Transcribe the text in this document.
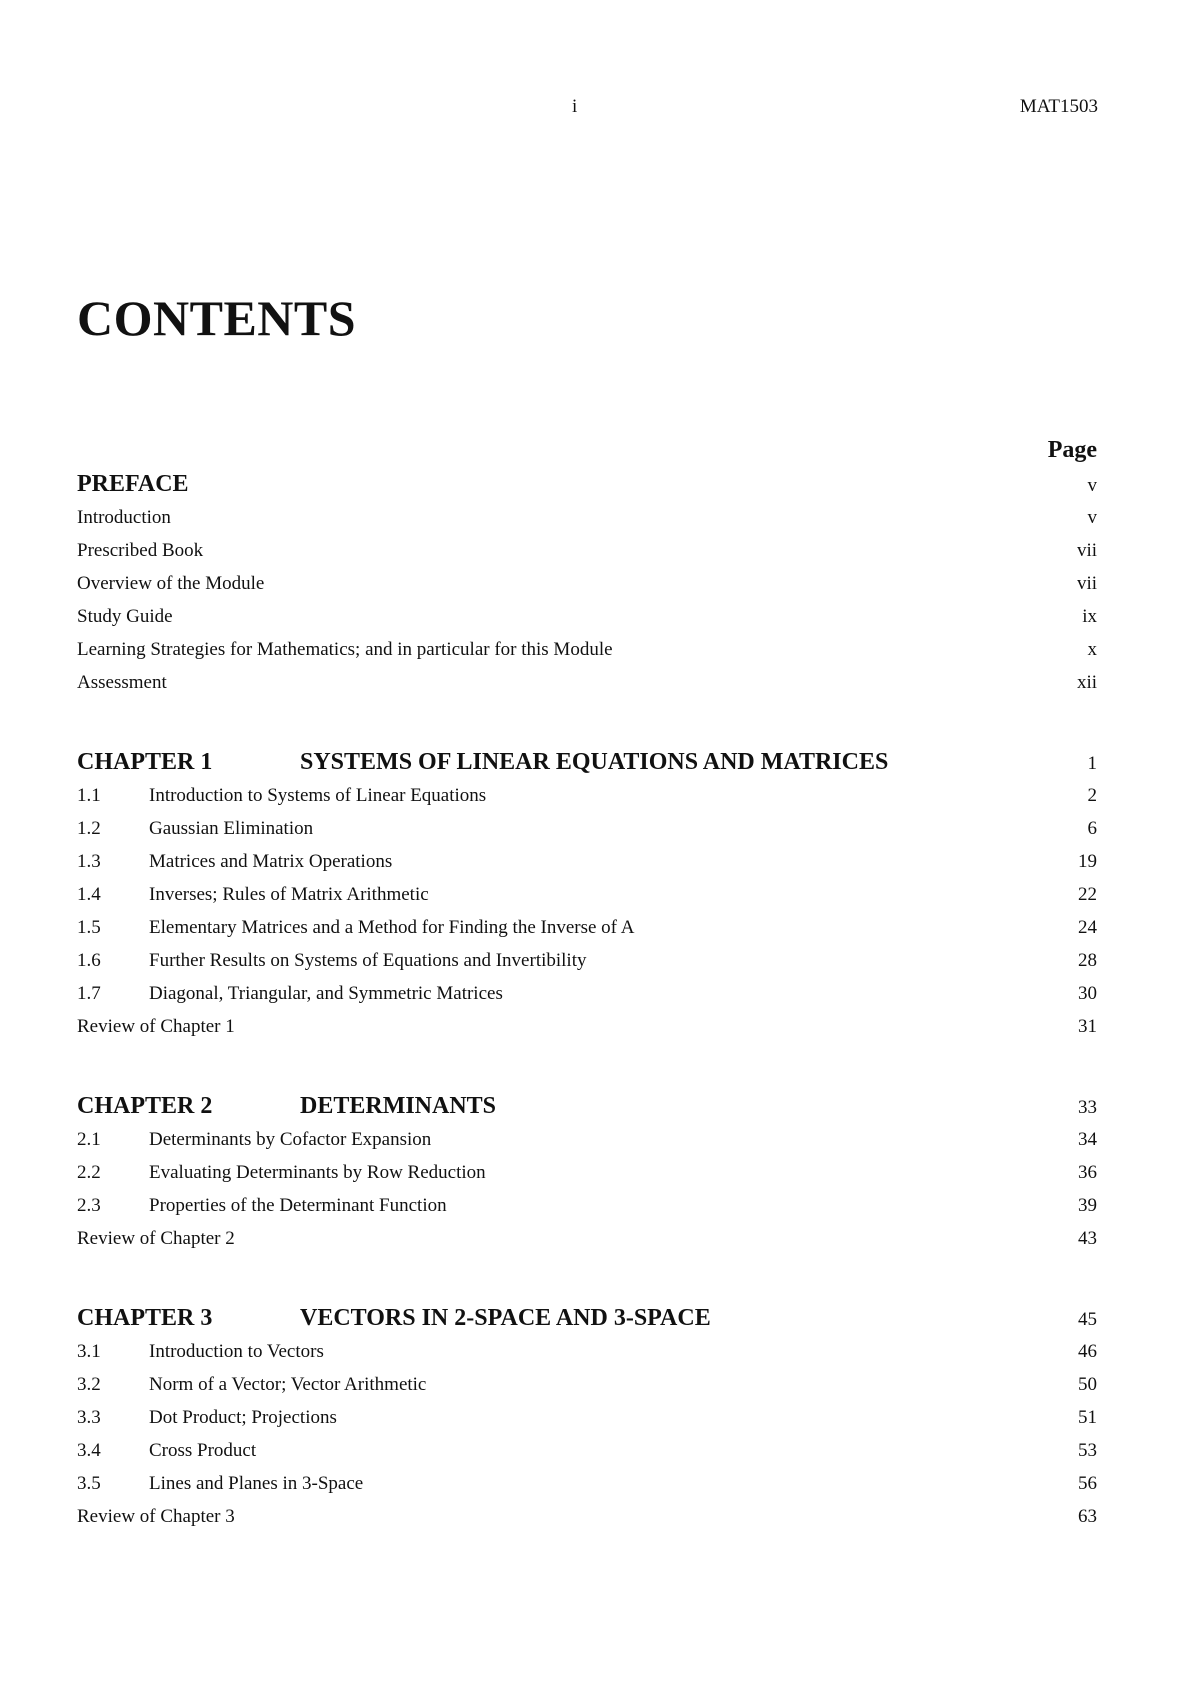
i	MAT1503
CONTENTS
Page
PREFACE	v
Introduction	v
Prescribed Book	vii
Overview of the Module	vii
Study Guide	ix
Learning Strategies for Mathematics; and in particular for this Module	x
Assessment	xii
CHAPTER 1	SYSTEMS OF LINEAR EQUATIONS AND MATRICES	1
1.1	Introduction to Systems of Linear Equations	2
1.2	Gaussian Elimination	6
1.3	Matrices and Matrix Operations	19
1.4	Inverses; Rules of Matrix Arithmetic	22
1.5	Elementary Matrices and a Method for Finding the Inverse of A	24
1.6	Further Results on Systems of Equations and Invertibility	28
1.7	Diagonal, Triangular, and Symmetric Matrices	30
Review of Chapter 1	31
CHAPTER 2	DETERMINANTS	33
2.1	Determinants by Cofactor Expansion	34
2.2	Evaluating Determinants by Row Reduction	36
2.3	Properties of the Determinant Function	39
Review of Chapter 2	43
CHAPTER 3	VECTORS IN 2-SPACE AND 3-SPACE	45
3.1	Introduction to Vectors	46
3.2	Norm of a Vector; Vector Arithmetic	50
3.3	Dot Product; Projections	51
3.4	Cross Product	53
3.5	Lines and Planes in 3-Space	56
Review of Chapter 3	63
